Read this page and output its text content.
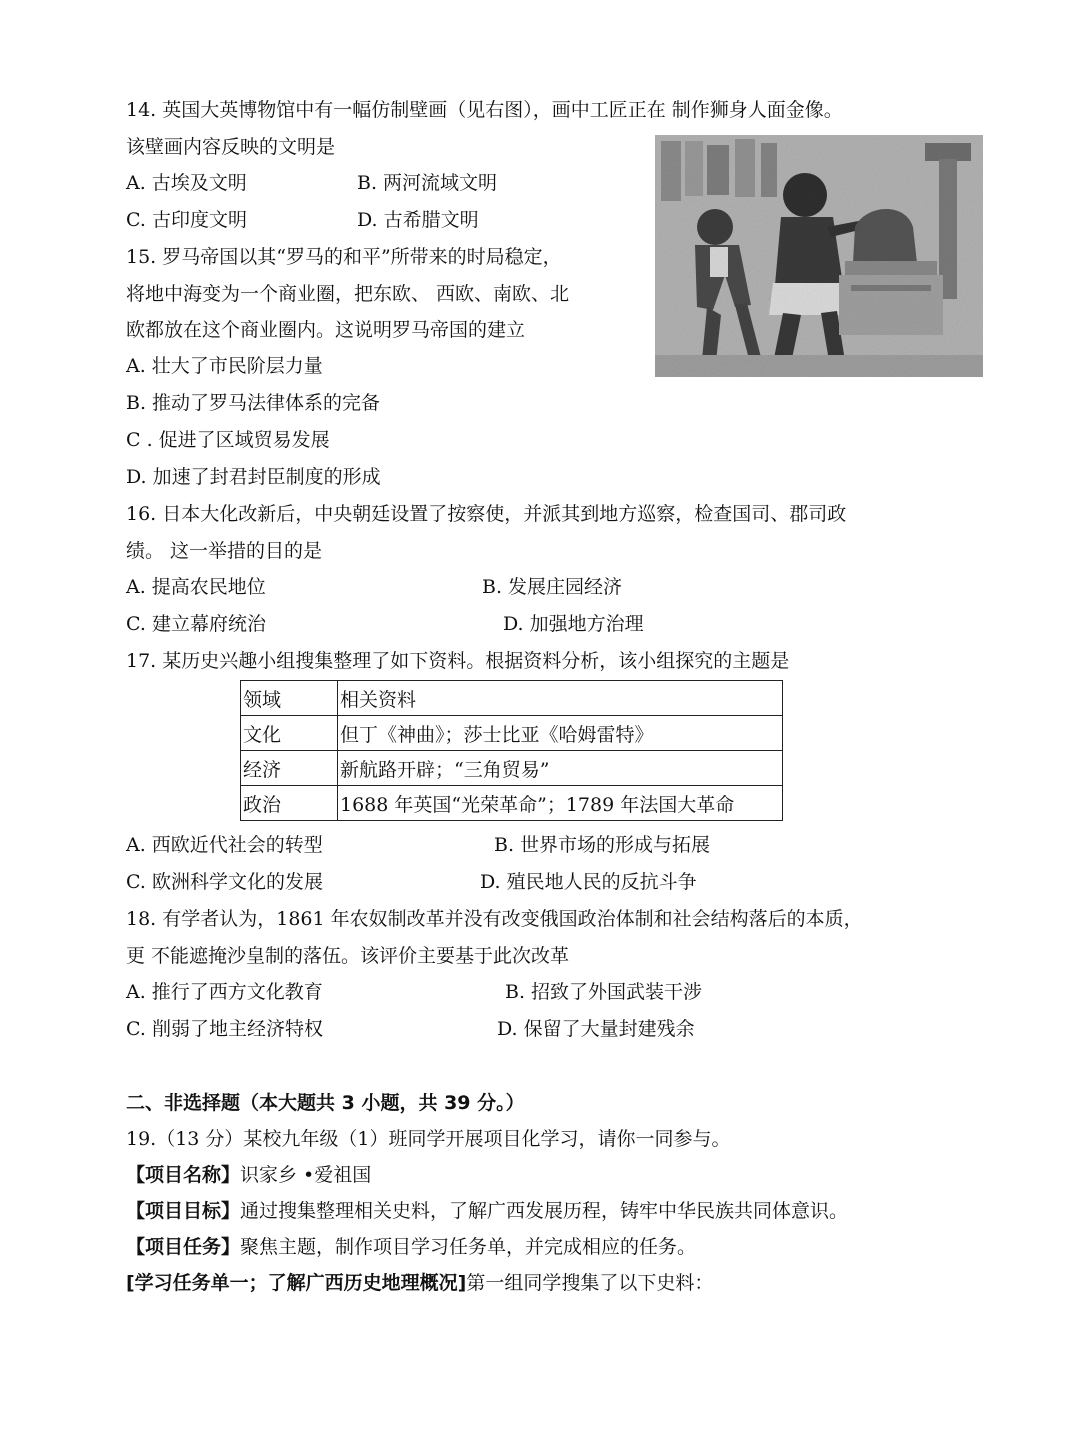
14. 英国大英博物馆中有一幅仿制壁画（见右图），画中工匠正在 制作狮身人面金像。
该壁画内容反映的文明是
A. 古埃及文明	B. 两河流域文明
C. 古印度文明	D. 古希腊文明
15. 罗马帝国以其“罗马的和平”所带来的时局稳定，
将地中海变为一个商业圈，把东欧、 西欧、南欧、北
欧都放在这个商业圈内。这说明罗马帝国的建立
A. 壮大了市民阶层力量
B. 推动了罗马法律体系的完备
C . 促进了区域贸易发展
D. 加速了封君封臣制度的形成
16. 日本大化改新后，中央朝廷设置了按察使，并派其到地方巡察，检查国司、郡司政
绩。 这一举措的目的是
A. 提高农民地位	B. 发展庄园经济
C. 建立幕府统治	D. 加强地方治理
17. 某历史兴趣小组搜集整理了如下资料。根据资料分析，该小组探究的主题是
领域	相关资料
文化	但丁《神曲》；莎士比亚《哈姆雷特》
经济	新航路开辟；“三角贸易”
政治	1688 年英国“光荣革命”；1789 年法国大革命
A. 西欧近代社会的转型	B. 世界市场的形成与拓展
C. 欧洲科学文化的发展	D. 殖民地人民的反抗斗争
18. 有学者认为，1861 年农奴制改革并没有改变俄国政治体制和社会结构落后的本质，
更 不能遮掩沙皇制的落伍。该评价主要基于此次改革
A. 推行了西方文化教育	B. 招致了外国武装干涉
C. 削弱了地主经济特权	D. 保留了大量封建残余
二、非选择题（本大题共 3 小题，共 39 分。）
19.（13 分）某校九年级（1）班同学开展项目化学习，请你一同参与。
【项目名称】识家乡 •爱祖国
【项目目标】通过搜集整理相关史料，了解广西发展历程，铸牢中华民族共同体意识。
【项目任务】聚焦主题，制作项目学习任务单，并完成相应的任务。
[学习任务单一；了解广西历史地理概况]第一组同学搜集了以下史料：
